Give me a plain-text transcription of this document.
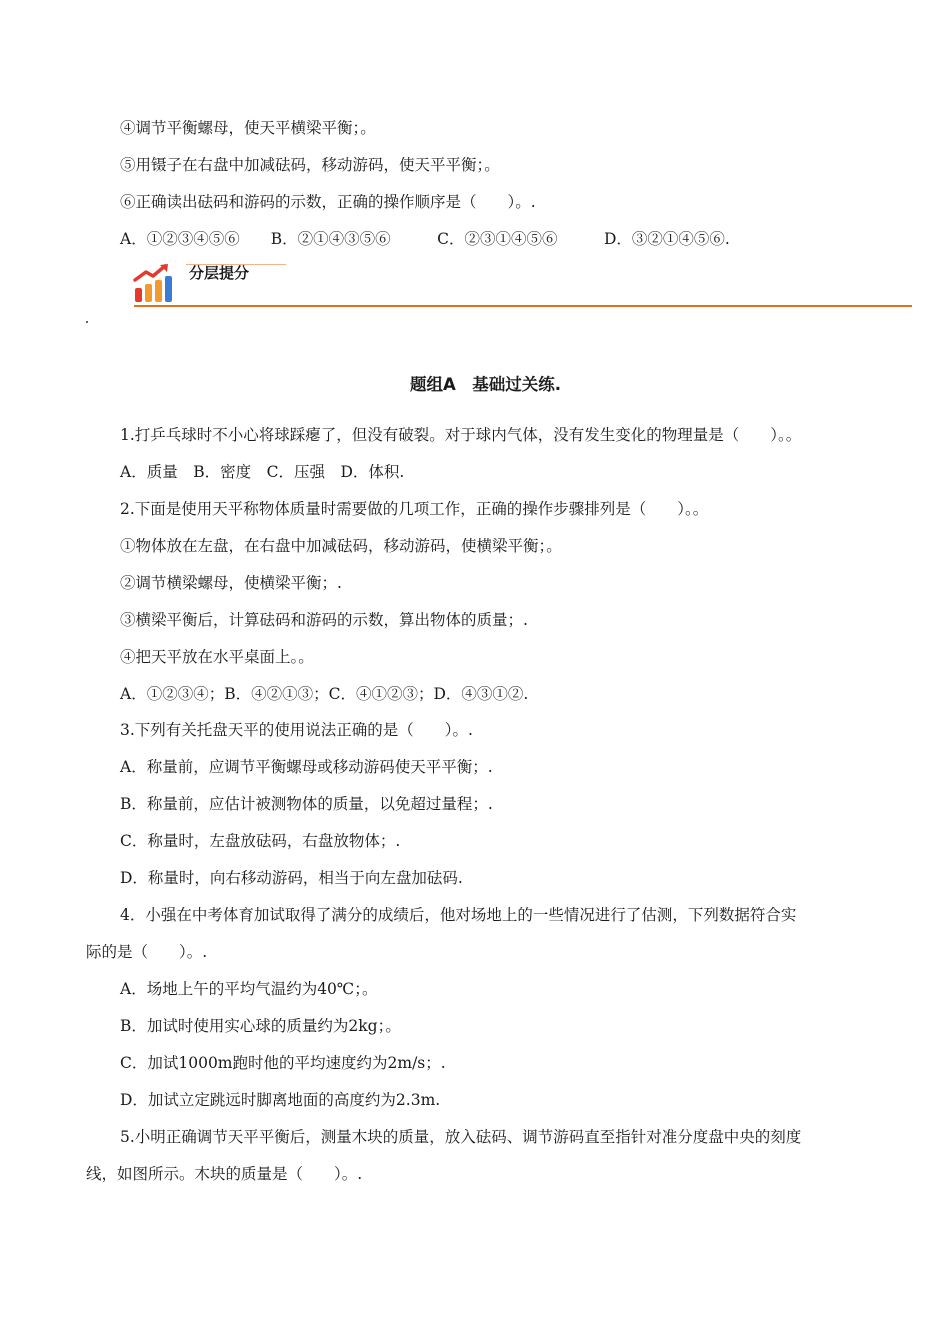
④调节平衡螺母，使天平横梁平衡；。
⑤用镊子在右盘中加减砝码，移动游码，使天平平衡；。
⑥正确读出砝码和游码的示数，正确的操作顺序是（　　）。.
A．①②③④⑤⑥　　B．②①④③⑤⑥　　　C．②③①④⑤⑥　　　D．③②①④⑤⑥.
分层提分
题组A　基础过关练.
1.打乒乓球时不小心将球踩瘪了，但没有破裂。对于球内气体，没有发生变化的物理量是（　　）。。
A．质量　B．密度　C．压强　D．体积.
2.下面是使用天平称物体质量时需要做的几项工作，正确的操作步骤排列是（　　）。。
①物体放在左盘，在右盘中加减砝码，移动游码，使横梁平衡；。
②调节横梁螺母，使横梁平衡；.
③横梁平衡后，计算砝码和游码的示数，算出物体的质量；.
④把天平放在水平桌面上。。
A．①②③④；B．④②①③；C．④①②③；D．④③①②.
3.下列有关托盘天平的使用说法正确的是（　　）。.
A．称量前，应调节平衡螺母或移动游码使天平平衡；.
B．称量前，应估计被测物体的质量，以免超过量程；.
C．称量时，左盘放砝码，右盘放物体；.
D．称量时，向右移动游码，相当于向左盘加砝码.
4．小强在中考体育加试取得了满分的成绩后，他对场地上的一些情况进行了估测，下列数据符合实
际的是（　　）。.
A．场地上午的平均气温约为40℃；。
B．加试时使用实心球的质量约为2kg；。
C．加试1000m跑时他的平均速度约为2m/s；.
D．加试立定跳远时脚离地面的高度约为2.3m.
5.小明正确调节天平平衡后，测量木块的质量，放入砝码、调节游码直至指针对准分度盘中央的刻度
线，如图所示。木块的质量是（　　）。.
